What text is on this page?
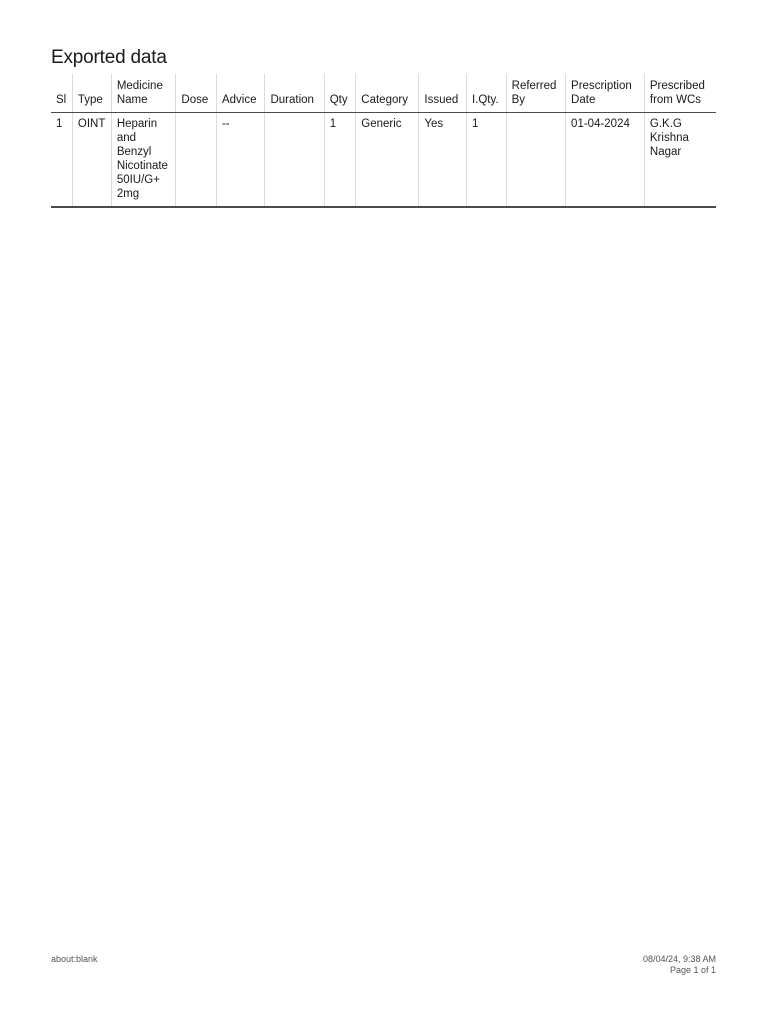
Exported data
Sl	Type	Medicine Name	Dose	Advice	Duration	Qty	Category	Issued	I.Qty.	Referred By	Prescription Date	Prescribed from WCs
1	OINT	Heparin and Benzyl Nicotinate 50IU/G+ 2mg		--		1	Generic	Yes	1		01-04-2024	G.K.G Krishna Nagar
about:blank	08/04/24, 9:38 AM
Page 1 of 1
